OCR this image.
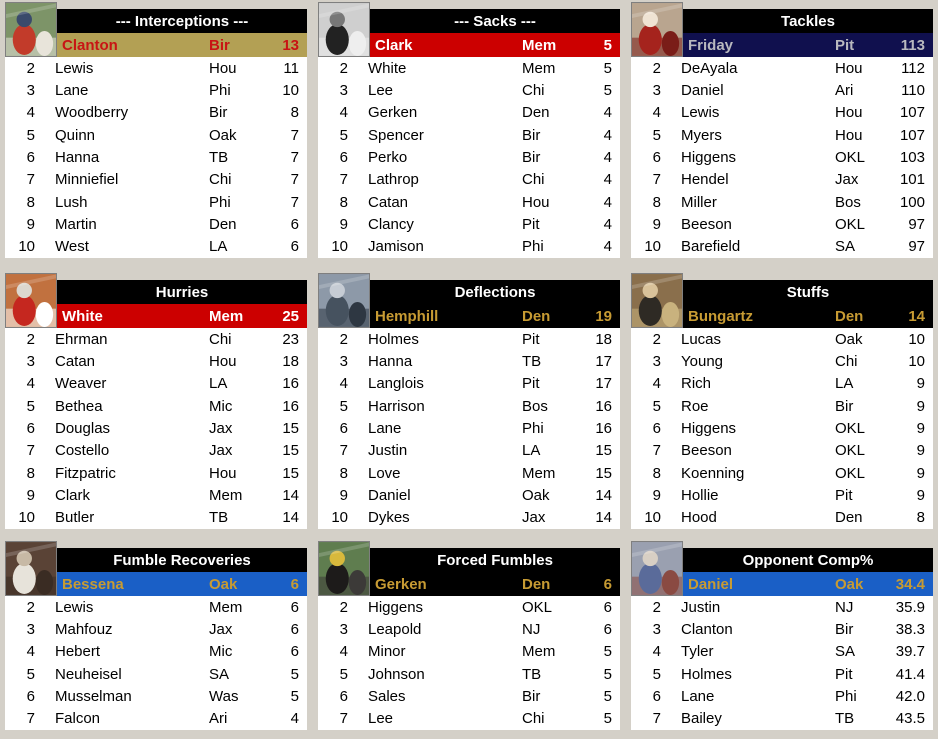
--- Interceptions ---
Clanton	Bir	13
2	Lewis	Hou	11
3	Lane	Phi	10
4	Woodberry	Bir	8
5	Quinn	Oak	7
6	Hanna	TB	7
7	Minniefiel	Chi	7
8	Lush	Phi	7
9	Martin	Den	6
10	West	LA	6
--- Sacks ---
Clark	Mem	5
2	White	Mem	5
3	Lee	Chi	5
4	Gerken	Den	4
5	Spencer	Bir	4
6	Perko	Bir	4
7	Lathrop	Chi	4
8	Catan	Hou	4
9	Clancy	Pit	4
10	Jamison	Phi	4
Tackles
Friday	Pit	113
2	DeAyala	Hou	112
3	Daniel	Ari	110
4	Lewis	Hou	107
5	Myers	Hou	107
6	Higgens	OKL	103
7	Hendel	Jax	101
8	Miller	Bos	100
9	Beeson	OKL	97
10	Barefield	SA	97
Hurries
White	Mem	25
2	Ehrman	Chi	23
3	Catan	Hou	18
4	Weaver	LA	16
5	Bethea	Mic	16
6	Douglas	Jax	15
7	Costello	Jax	15
8	Fitzpatric	Hou	15
9	Clark	Mem	14
10	Butler	TB	14
Deflections
Hemphill	Den	19
2	Holmes	Pit	18
3	Hanna	TB	17
4	Langlois	Pit	17
5	Harrison	Bos	16
6	Lane	Phi	16
7	Justin	LA	15
8	Love	Mem	15
9	Daniel	Oak	14
10	Dykes	Jax	14
Stuffs
Bungartz	Den	14
2	Lucas	Oak	10
3	Young	Chi	10
4	Rich	LA	9
5	Roe	Bir	9
6	Higgens	OKL	9
7	Beeson	OKL	9
8	Koenning	OKL	9
9	Hollie	Pit	9
10	Hood	Den	8
Fumble Recoveries
Bessena	Oak	6
2	Lewis	Mem	6
3	Mahfouz	Jax	6
4	Hebert	Mic	6
5	Neuheisel	SA	5
6	Musselman	Was	5
7	Falcon	Ari	4
Forced Fumbles
Gerken	Den	6
2	Higgens	OKL	6
3	Leapold	NJ	6
4	Minor	Mem	5
5	Johnson	TB	5
6	Sales	Bir	5
7	Lee	Chi	5
Opponent Comp%
Daniel	Oak	34.4
2	Justin	NJ	35.9
3	Clanton	Bir	38.3
4	Tyler	SA	39.7
5	Holmes	Pit	41.4
6	Lane	Phi	42.0
7	Bailey	TB	43.5
